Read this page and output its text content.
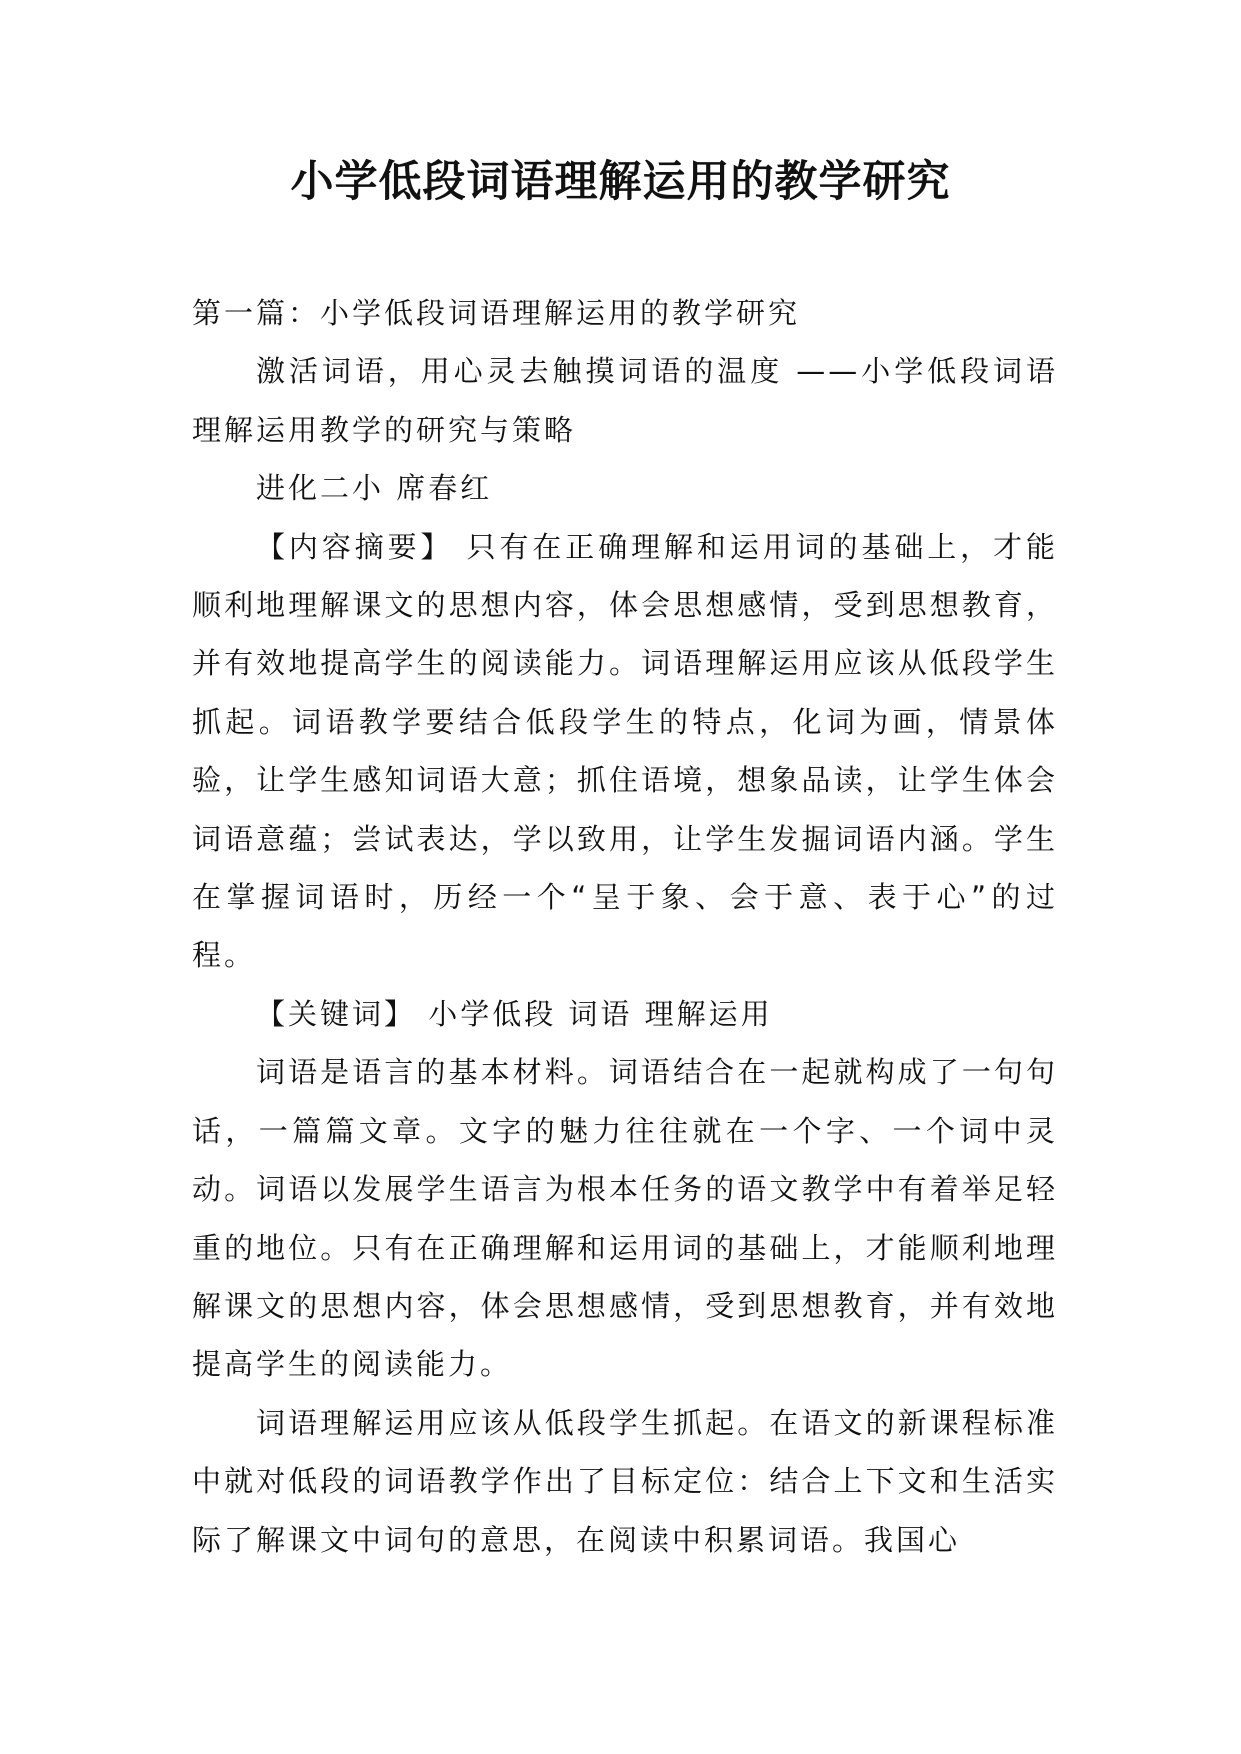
小学低段词语理解运用的教学研究

第一篇：小学低段词语理解运用的教学研究

激活词语，用心灵去触摸词语的温度 ——小学低段词语理解运用教学的研究与策略

进化二小 席春红

【内容摘要】 只有在正确理解和运用词的基础上，才能顺利地理解课文的思想内容，体会思想感情，受到思想教育，并有效地提高学生的阅读能力。词语理解运用应该从低段学生抓起。词语教学要结合低段学生的特点，化词为画，情景体验，让学生感知词语大意；抓住语境，想象品读，让学生体会词语意蕴；尝试表达，学以致用，让学生发掘词语内涵。学生在掌握词语时，历经一个“呈于象、会于意、表于心”的过程。

【关键词】 小学低段 词语 理解运用

词语是语言的基本材料。词语结合在一起就构成了一句句话，一篇篇文章。文字的魅力往往就在一个字、一个词中灵动。词语以发展学生语言为根本任务的语文教学中有着举足轻重的地位。只有在正确理解和运用词的基础上，才能顺利地理解课文的思想内容，体会思想感情，受到思想教育，并有效地提高学生的阅读能力。

词语理解运用应该从低段学生抓起。在语文的新课程标准中就对低段的词语教学作出了目标定位：结合上下文和生活实际了解课文中词句的意思，在阅读中积累词语。我国心
